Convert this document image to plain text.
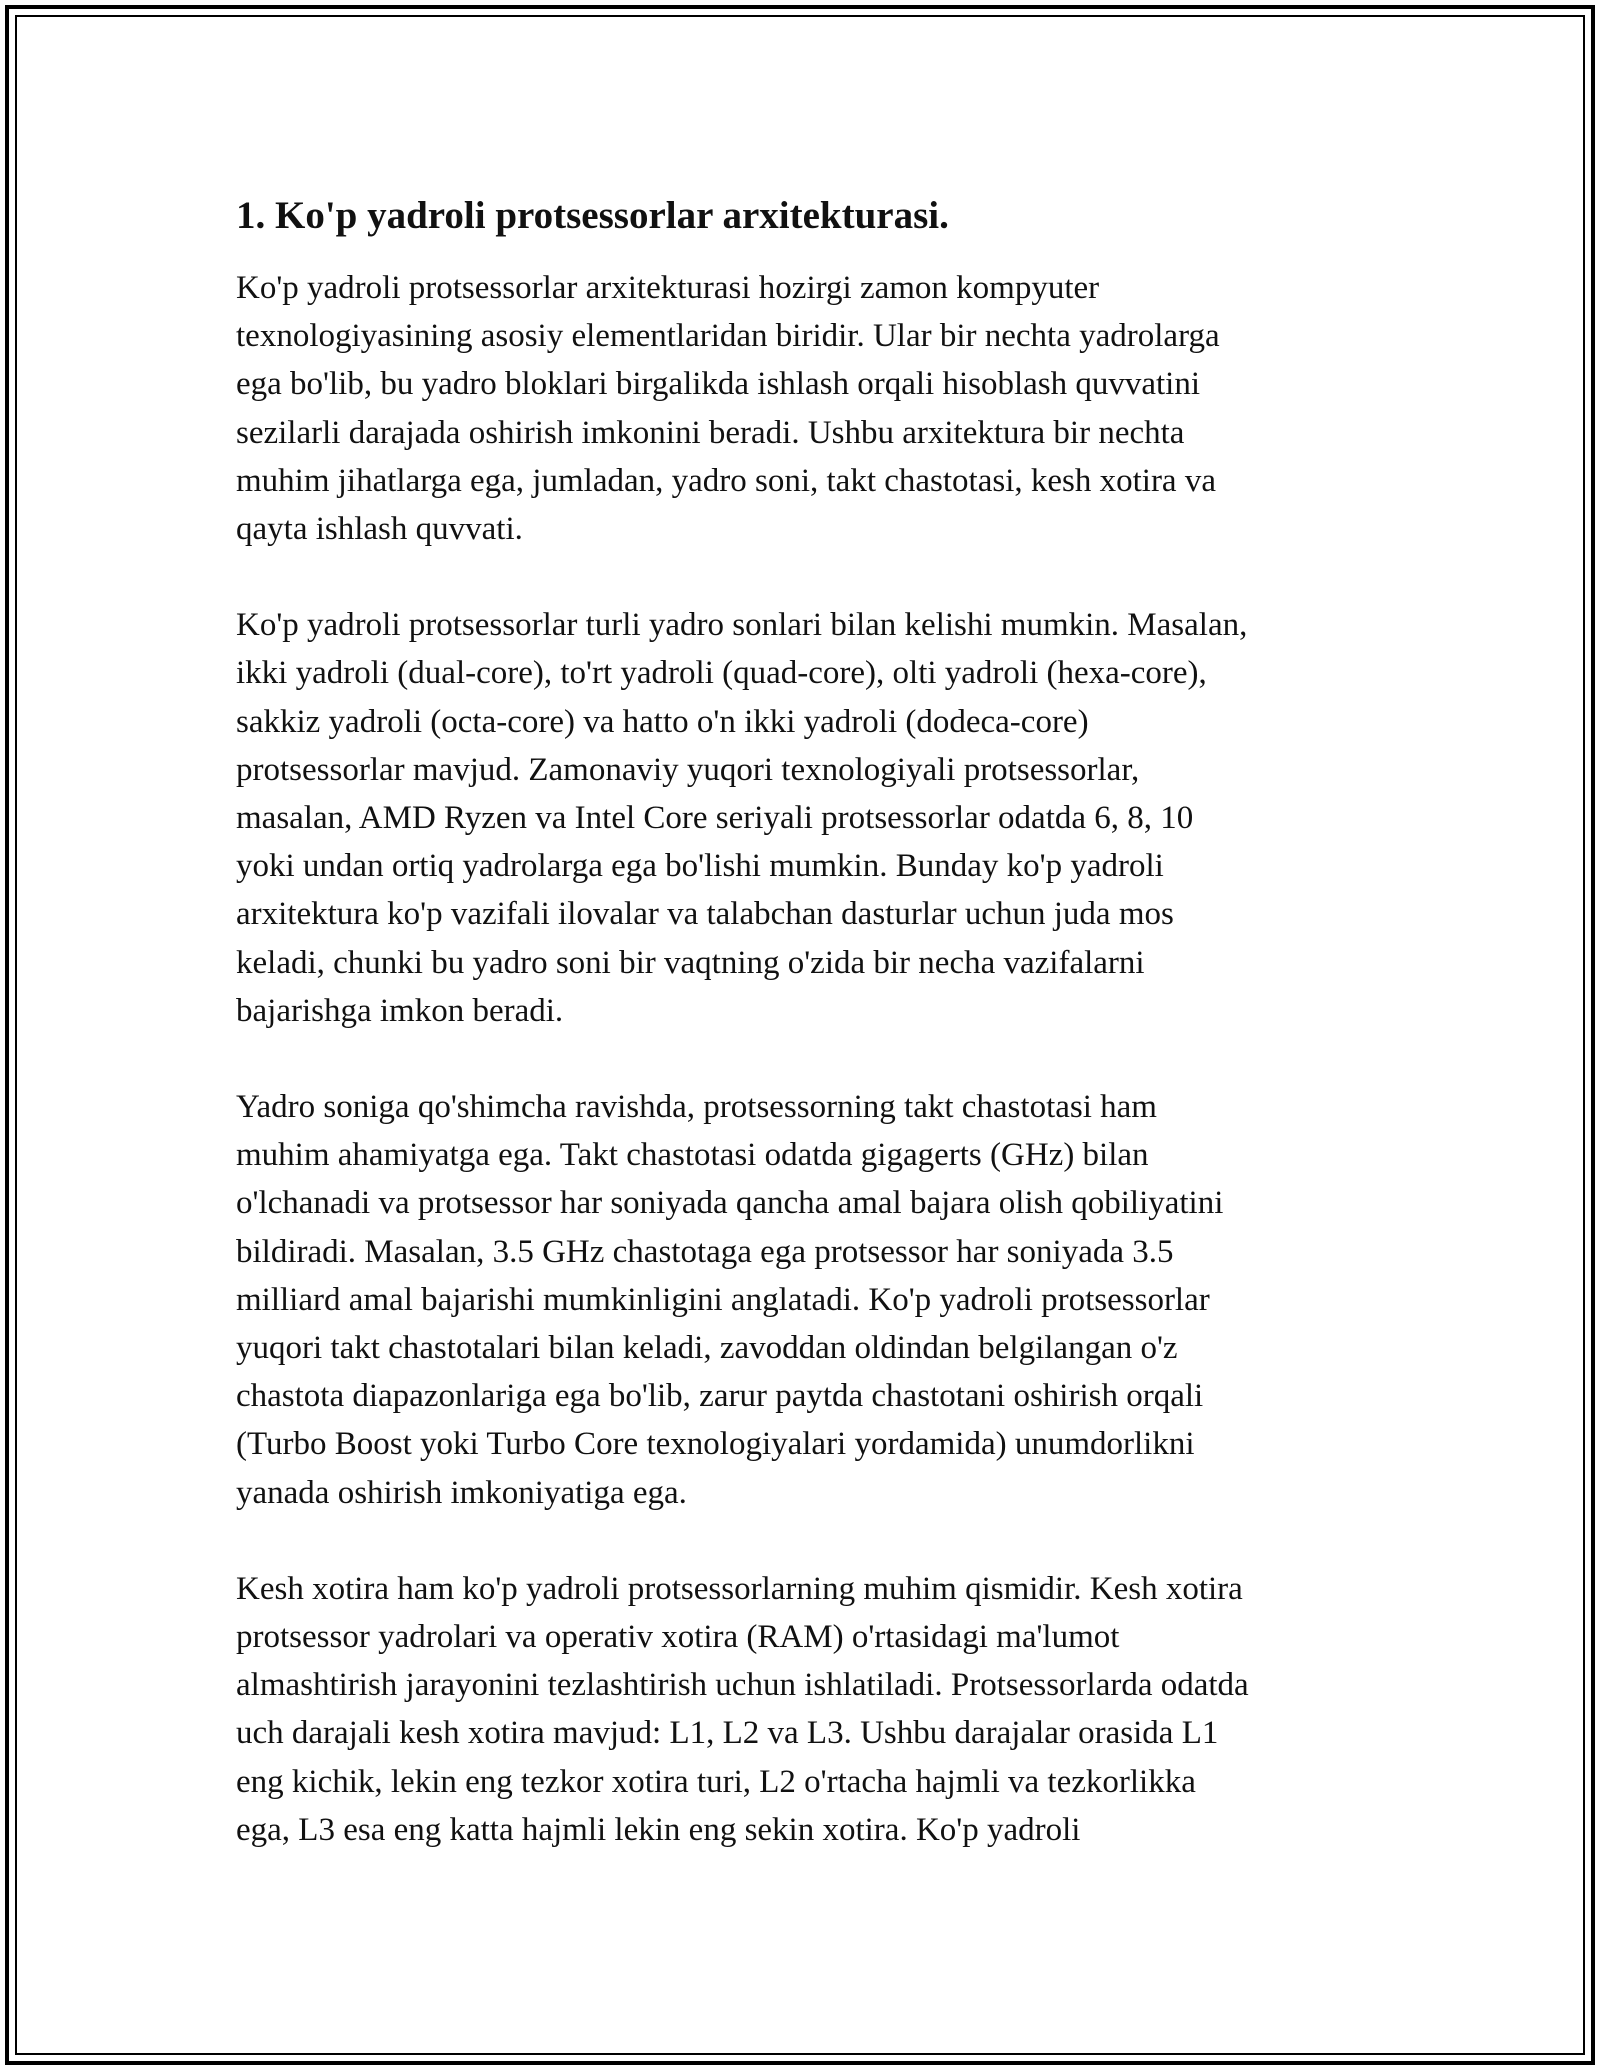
1. Ko'p yadroli protsessorlar arxitekturasi.

Ko'p yadroli protsessorlar arxitekturasi hozirgi zamon kompyuter
texnologiyasining asosiy elementlaridan biridir. Ular bir nechta yadrolarga
ega bo'lib, bu yadro bloklari birgalikda ishlash orqali hisoblash quvvatini
sezilarli darajada oshirish imkonini beradi. Ushbu arxitektura bir nechta
muhim jihatlarga ega, jumladan, yadro soni, takt chastotasi, kesh xotira va
qayta ishlash quvvati.

Ko'p yadroli protsessorlar turli yadro sonlari bilan kelishi mumkin. Masalan,
ikki yadroli (dual-core), to'rt yadroli (quad-core), olti yadroli (hexa-core),
sakkiz yadroli (octa-core) va hatto o'n ikki yadroli (dodeca-core)
protsessorlar mavjud. Zamonaviy yuqori texnologiyali protsessorlar,
masalan, AMD Ryzen va Intel Core seriyali protsessorlar odatda 6, 8, 10
yoki undan ortiq yadrolarga ega bo'lishi mumkin. Bunday ko'p yadroli
arxitektura ko'p vazifali ilovalar va talabchan dasturlar uchun juda mos
keladi, chunki bu yadro soni bir vaqtning o'zida bir necha vazifalarni
bajarishga imkon beradi.

Yadro soniga qo'shimcha ravishda, protsessorning takt chastotasi ham
muhim ahamiyatga ega. Takt chastotasi odatda gigagerts (GHz) bilan
o'lchanadi va protsessor har soniyada qancha amal bajara olish qobiliyatini
bildiradi. Masalan, 3.5 GHz chastotaga ega protsessor har soniyada 3.5
milliard amal bajarishi mumkinligini anglatadi. Ko'p yadroli protsessorlar
yuqori takt chastotalari bilan keladi, zavoddan oldindan belgilangan o'z
chastota diapazonlariga ega bo'lib, zarur paytda chastotani oshirish orqali
(Turbo Boost yoki Turbo Core texnologiyalari yordamida) unumdorlikni
yanada oshirish imkoniyatiga ega.

Kesh xotira ham ko'p yadroli protsessorlarning muhim qismidir. Kesh xotira
protsessor yadrolari va operativ xotira (RAM) o'rtasidagi ma'lumot
almashtirish jarayonini tezlashtirish uchun ishlatiladi. Protsessorlarda odatda
uch darajali kesh xotira mavjud: L1, L2 va L3. Ushbu darajalar orasida L1
eng kichik, lekin eng tezkor xotira turi, L2 o'rtacha hajmli va tezkorlikka
ega, L3 esa eng katta hajmli lekin eng sekin xotira. Ko'p yadroli
